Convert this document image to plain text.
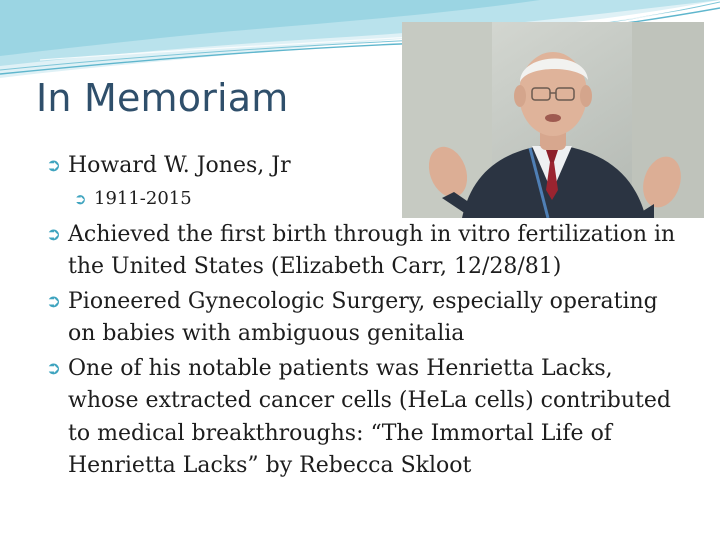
In Memoriam
➲ Howard W. Jones, Jr
➲ 1911-2015
➲ Achieved the first birth through in vitro fertilization in the United States (Elizabeth Carr, 12/28/81)
➲ Pioneered Gynecologic Surgery, especially operating on babies with ambiguous genitalia
➲ One of his notable patients was Henrietta Lacks, whose extracted cancer cells (HeLa cells) contributed to medical breakthroughs: “The Immortal Life of Henrietta Lacks” by Rebecca Skloot
